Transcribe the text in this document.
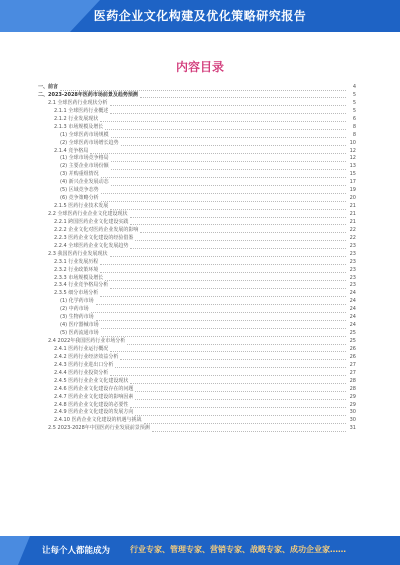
医药企业文化构建及优化策略研究报告
内容目录
一、前言	4
二、2023-2028年医药市场前景及趋势预测	5
2.1 全球医药行业现状分析	5
2.1.1 全球医药行业概述	5
2.1.2 行业发展现状	6
2.1.3 市场规模及增长	8
(1) 全球医药市场规模	8
(2) 全球医药市场增长趋势	10
2.1.4 竞争格局	12
(1) 全球市场竞争格局	12
(2) 主要企业市场份额	13
(3) 并购重组情况	15
(4) 新兴企业发展动态	17
(5) 区域竞争态势	19
(6) 竞争策略分析	20
2.1.5 医药行业技术发展	21
2.2 全球医药行业企业文化建设现状	21
2.2.1 跨国医药企业文化建设实践	21
2.2.2 企业文化对医药企业发展的影响	22
2.2.3 医药企业文化建设的经验借鉴	22
2.2.4 全球医药企业文化发展趋势	23
2.3 我国医药行业发展现状	23
2.3.1 行业发展历程	23
2.3.2 行业政策环境	23
2.3.3 市场规模及增长	23
2.3.4 行业竞争格局分析	23
2.3.5 细分市场分析	24
(1) 化学药市场	24
(2) 中药市场	24
(3) 生物药市场	24
(4) 医疗器械市场	24
(5) 医药流通市场	25
2.4 2022年我国医药行业市场分析	25
2.4.1 医药行业运行概况	26
2.4.2 医药行业经济效益分析	26
2.4.3 医药行业进出口分析	27
2.4.4 医药行业投资分析	27
2.4.5 医药行业企业文化建设现状	28
2.4.6 医药企业文化建设存在的问题	28
2.4.7 医药企业文化建设的影响因素	29
2.4.8 医药企业文化建设的必要性	29
2.4.9 医药企业文化建设的发展方向	30
2.4.10 医药企业文化建设的机遇与挑战	30
2.5 2023-2028年中国医药行业发展前景预测	31
让每个人都能成为 行业专家、管理专家、营销专家、战略专家、成功企业家……
